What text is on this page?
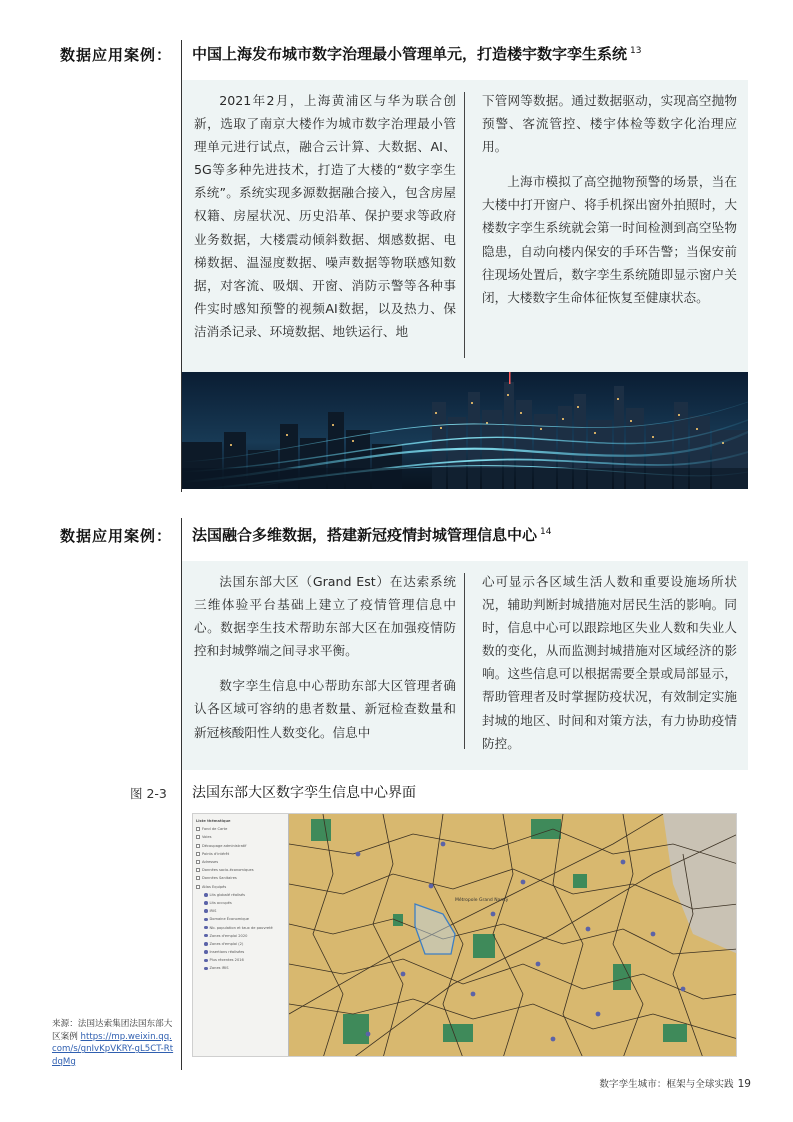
数据应用案例： 中国上海发布城市数字治理最小管理单元，打造楼宇数字孪生系统 $^{13}$

2021年2月，上海黄浦区与华为联合创新，选取了南京大楼作为城市数字治理最小管理单元进行试点，融合云计算、大数据、AI、5G等多种先进技术，打造了大楼的“数字孪生系统”。系统实现多源数据融合接入，包含房屋权籍、房屋状况、历史沿革、保护要求等政府业务数据，大楼震动倾斜数据、烟感数据、电梯数据、温湿度数据、噪声数据等物联感知数据，对客流、吸烟、开窗、消防示警等各种事件实时感知预警的视频AI数据，以及热力、保洁消杀记录、环境数据、地铁运行、地

下管网等数据。通过数据驱动，实现高空抛物预警、客流管控、楼宇体检等数字化治理应用。

上海市模拟了高空抛物预警的场景，当在大楼中打开窗户、将手机探出窗外拍照时，大楼数字孪生系统就会第一时间检测到高空坠物隐患，自动向楼内保安的手环告警；当保安前往现场处置后，数字孪生系统随即显示窗户关闭，大楼数字生命体征恢复至健康状态。

数据应用案例： 法国融合多维数据，搭建新冠疫情封城管理信息中心 $^{14}$

法国东部大区（Grand Est）在达索系统三维体验平台基础上建立了疫情管理信息中心。数据孪生技术帮助东部大区在加强疫情防控和封城弊端之间寻求平衡。

数字孪生信息中心帮助东部大区管理者确认各区域可容纳的患者数量、新冠检查数量和新冠核酸阳性人数变化。信息中

心可显示各区域生活人数和重要设施场所状况，辅助判断封城措施对居民生活的影响。同时，信息中心可以跟踪地区失业人数和失业人数的变化，从而监测封城措施对区域经济的影响。这些信息可以根据需要全景或局部显示，帮助管理者及时掌握防疫状况，有效制定实施封城的地区、时间和对策方法，有力协助疫情防控。

图 2-3 法国东部大区数字孪生信息中心界面
Liste thématique
Fond de Carte
Voies
Découpage administratif
Points d'intérêt
Adresses
Données socio-économiques
Données Sanitaires
Atlas Equipés
Lits globalé réalisés
Lits occupés
IRIS
Domaine Économique
Nb. population et taux de pauvreté
Zones d'emploi 2020
Zones d'emploi (2)
Insertions réalisées
Plus récentes 2016
Zones IRIS
Métropole Grand Nancy
来源：法国达索集团法国东部大区案例 https://mp.weixin.qq.com/s/gnIvKpVKRY-gL5CT-RtdqMg
数字孪生城市：框架与全球实践 19
